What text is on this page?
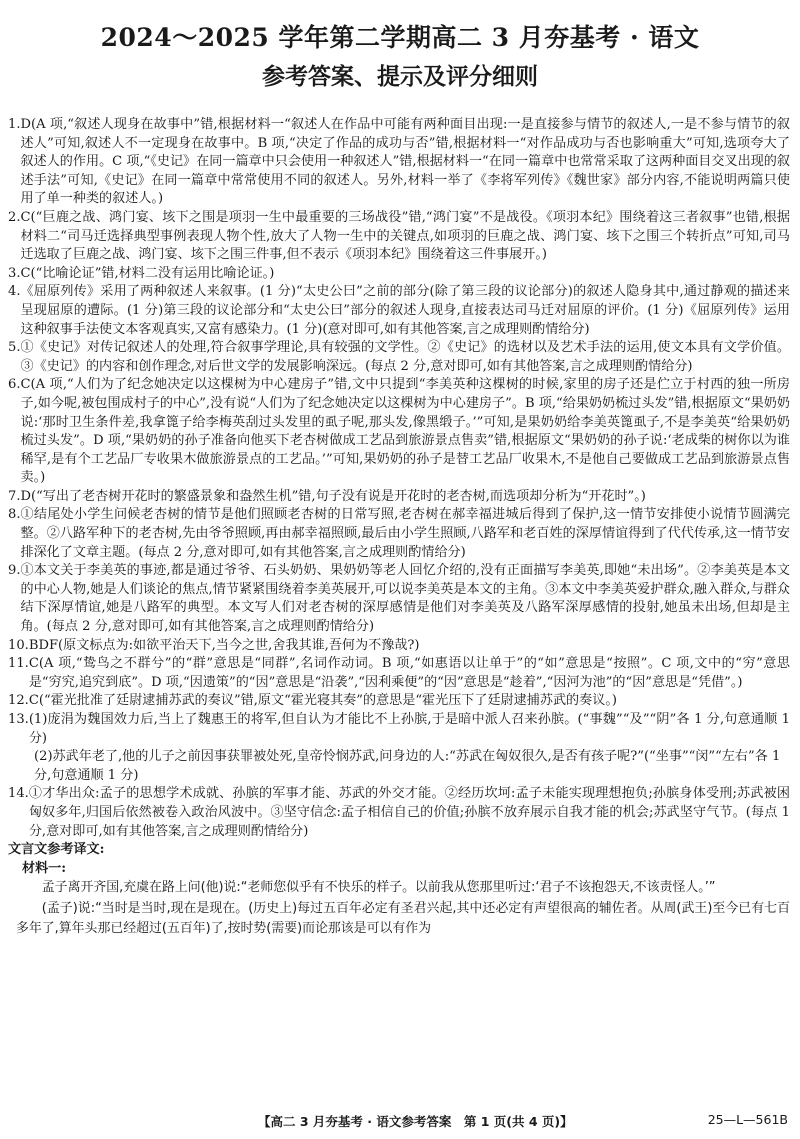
2024～2025 学年第二学期高二 3 月夯基考 · 语文
参考答案、提示及评分细则
1. D(A 项,“叙述人现身在故事中”错,根据材料一“叙述人在作品中可能有两种面目出现:一是直接参与情节的叙述人,一是不参与情节的叙述人”可知,叙述人不一定现身在故事中。B 项,“决定了作品的成功与否”错,根据材料一“对作品成功与否也影响重大”可知,选项夸大了叙述人的作用。C 项,“《史记》在同一篇章中只会使用一种叙述人”错,根据材料一“在同一篇章中也常常采取了这两种面目交叉出现的叙述手法”可知,《史记》在同一篇章中常常使用不同的叙述人。另外,材料一举了《李将军列传》《魏世家》部分内容,不能说明两篇只使用了单一种类的叙述人。)
2. C(“巨鹿之战、鸿门宴、垓下之围是项羽一生中最重要的三场战役”错,“鸿门宴”不是战役。《项羽本纪》围绕着这三者叙事”也错,根据材料二“司马迁选择典型事例表现人物个性,放大了人物一生中的关键点,如项羽的巨鹿之战、鸿门宴、垓下之围三个转折点”可知,司马迁选取了巨鹿之战、鸿门宴、垓下之围三件事,但不表示《项羽本纪》围绕着这三件事展开。)
3. C(“比喻论证”错,材料二没有运用比喻论证。)
4. 《屈原列传》采用了两种叙述人来叙事。(1 分)“太史公曰”之前的部分(除了第三段的议论部分)的叙述人隐身其中,通过静观的描述来呈现屈原的遭际。(1 分)第三段的议论部分和“太史公曰”部分的叙述人现身,直接表达司马迁对屈原的评价。(1 分)《屈原列传》运用这种叙事手法使文本客观真实,又富有感染力。(1 分)(意对即可,如有其他答案,言之成理则酌情给分)
5. ①《史记》对传记叙述人的处理,符合叙事学理论,具有较强的文学性。②《史记》的选材以及艺术手法的运用,使文本具有文学价值。③《史记》的内容和创作理念,对后世文学的发展影响深远。(每点 2 分,意对即可,如有其他答案,言之成理则酌情给分)
6. C(A 项,“人们为了纪念她决定以这棵树为中心建房子”错,文中只提到“李美英种这棵树的时候,家里的房子还是伫立于村西的独一所房子,如今呢,被包围成村子的中心”,没有说“人们为了纪念她决定以这棵树为中心建房子”。B 项,“给果奶奶梳过头发”错,根据原文“果奶奶说:‘那时卫生条件差,我拿篦子给李梅英刮过头发里的虱子呢,那头发,像黑缎子。’”可知,是果奶奶给李美英篦虱子,不是李美英“给果奶奶梳过头发”。D 项,“果奶奶的孙子准备向他买下老杏树做成工艺品到旅游景点售卖”错,根据原文“果奶奶的孙子说:‘老成柴的树你以为谁稀罕,是有个工艺品厂专收果木做旅游景点的工艺品。’”可知,果奶奶的孙子是替工艺品厂收果木,不是他自己要做成工艺品到旅游景点售卖。)
7. D(“写出了老杏树开花时的繁盛景象和盎然生机”错,句子没有说是开花时的老杏树,而选项却分析为“开花时”。)
8. ①结尾处小学生问候老杏树的情节是他们照顾老杏树的日常写照,老杏树在郝幸福进城后得到了保护,这一情节安排使小说情节圆满完整。②八路军种下的老杏树,先由爷爷照顾,再由郝幸福照顾,最后由小学生照顾,八路军和老百姓的深厚情谊得到了代代传承,这一情节安排深化了文章主题。(每点 2 分,意对即可,如有其他答案,言之成理则酌情给分)
9. ①本文关于李美英的事迹,都是通过爷爷、石头奶奶、果奶奶等老人回忆介绍的,没有正面描写李美英,即她“未出场”。②李美英是本文的中心人物,她是人们谈论的焦点,情节紧紧围绕着李美英展开,可以说李美英是本文的主角。③本文中李美英爱护群众,融入群众,与群众结下深厚情谊,她是八路军的典型。本文写人们对老杏树的深厚感情是他们对李美英及八路军深厚感情的投射,她虽未出场,但却是主角。(每点 2 分,意对即可,如有其他答案,言之成理则酌情给分)
10. BDF(原文标点为:如欲平治天下,当今之世,舍我其谁,吾何为不豫哉?)
11. C(A 项,“鸷鸟之不群兮”的“群”意思是“同群”,名词作动词。B 项,“如惠语以让单于”的“如”意思是“按照”。C 项,文中的“穷”意思是“穷究,追究到底”。D 项,“因遗策”的“因”意思是“沿袭”,“因利乘便”的“因”意思是“趁着”,“因河为池”的“因”意思是“凭借”。)
12. C(“霍光批准了廷尉逮捕苏武的奏议”错,原文“霍光寝其奏”的意思是“霍光压下了廷尉逮捕苏武的奏议。)
13. (1)庞涓为魏国效力后,当上了魏惠王的将军,但自认为才能比不上孙膑,于是暗中派人召来孙膑。(“事魏”“及”“阴”各 1 分,句意通顺 1 分)
(2)苏武年老了,他的儿子之前因事获罪被处死,皇帝怜悯苏武,问身边的人:“苏武在匈奴很久,是否有孩子呢?”(“坐事”“闵”“左右”各 1 分,句意通顺 1 分)
14. ①才华出众:孟子的思想学术成就、孙膑的军事才能、苏武的外交才能。②经历坎坷:孟子未能实现理想抱负;孙膑身体受刑;苏武被困匈奴多年,归国后依然被卷入政治风波中。③坚守信念:孟子相信自己的价值;孙膑不放弃展示自我才能的机会;苏武坚守气节。(每点 1 分,意对即可,如有其他答案,言之成理则酌情给分)
文言文参考译文:
材料一:
孟子离开齐国,充虞在路上问(他)说:“老师您似乎有不快乐的样子。以前我从您那里听过:‘君子不该抱怨天,不该责怪人。’”
(孟子)说:“当时是当时,现在是现在。(历史上)每过五百年必定有圣君兴起,其中还必定有声望很高的辅佐者。从周(武王)至今已有七百多年了,算年头那已经超过(五百年)了,按时势(需要)而论那该是可以有作为
【高二 3 月夯基考 · 语文参考答案　第 1 页(共 4 页)】	25—L—561B
